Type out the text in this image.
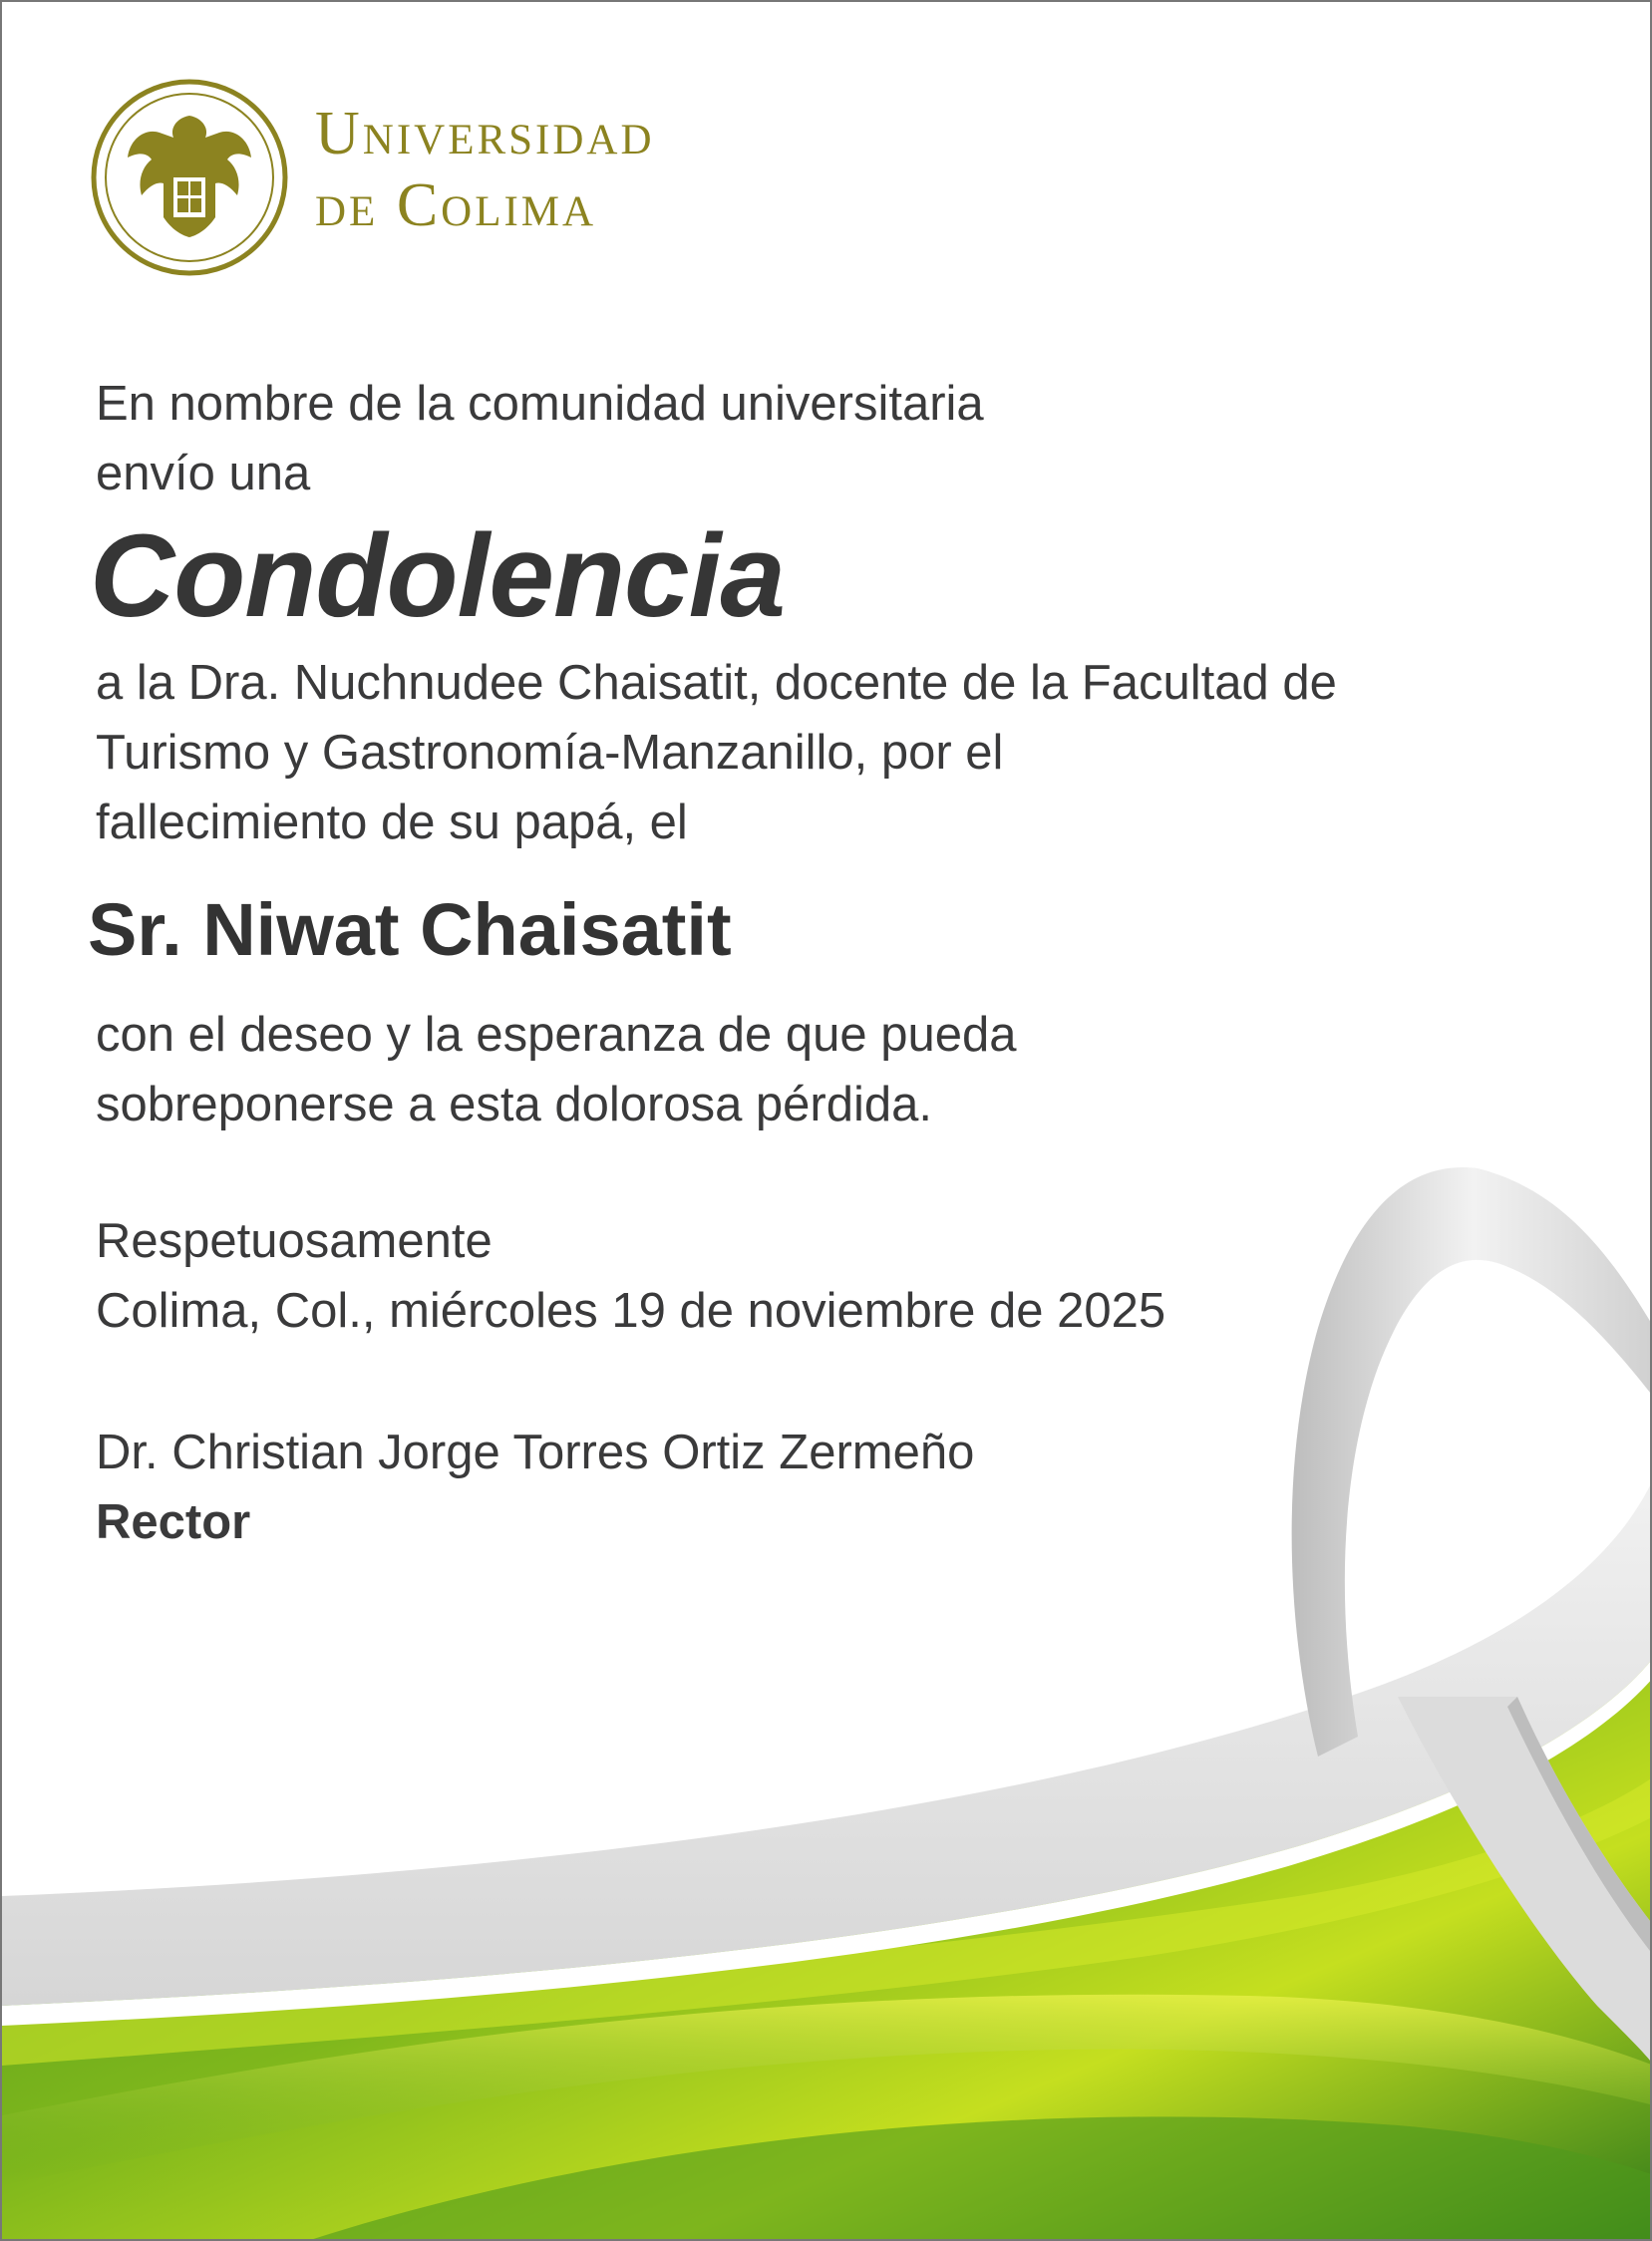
Universidad
de Colima
En nombre de la comunidad universitaria
envío una
Condolencia
a la Dra. Nuchnudee Chaisatit, docente de la Facultad de
Turismo y Gastronomía-Manzanillo, por el
fallecimiento de su papá, el
Sr. Niwat Chaisatit
con el deseo y la esperanza de que pueda
sobreponerse a esta dolorosa pérdida.
Respetuosamente
Colima, Col., miércoles 19 de noviembre de 2025
Dr. Christian Jorge Torres Ortiz Zermeño
Rector
